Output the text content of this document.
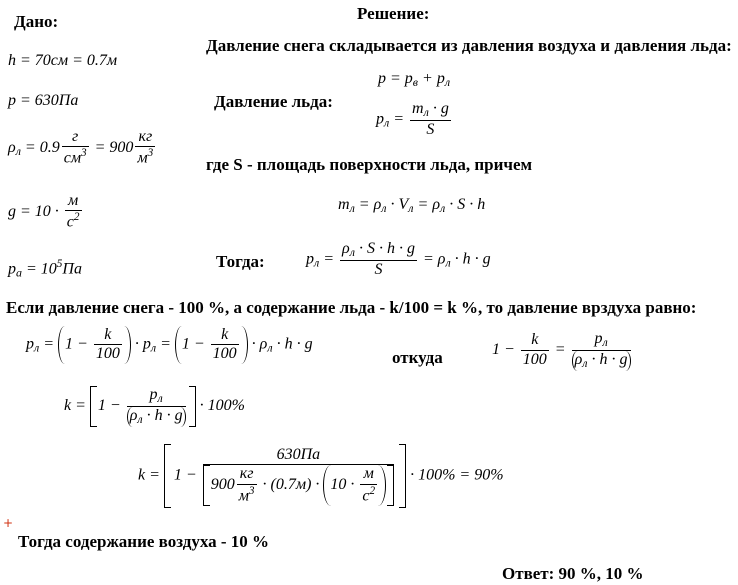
Дано:
h = 70см = 0.7м
p = 630Па
$\rho_л = 0.9 \frac{г}{см^3} = 900 \frac{кг}{м^3}$
$g = 10 \cdot \frac{м}{с^2}$
$p_a = 10^5Па$
Решение:
Давление снега складывается из давления воздуха и давления льда:
$p = p_в + p_л$
Давление льда:
$p_л = \frac{m_л \cdot g}{S}$
где S - площадь поверхности льда, причем
$m_л = \rho_л \cdot V_л = \rho_л \cdot S \cdot h$
Тогда:	$p_л = \frac{\rho_л \cdot S \cdot h \cdot g}{S} = \rho_л \cdot h \cdot g$
Если давление снега - 100 %, а содержание льда - k/100 = k %, то давление врздуха равно:
$p_л = 1 - \frac{k}{100} \cdot p_л = 1 - \frac{k}{100} \cdot \rho_л \cdot h \cdot g$
откуда	$1 - \frac{k}{100} = \frac{p_л}{\rho_л \cdot h \cdot g}$
$k = 1 - \frac{p_л}{\rho_л \cdot h \cdot g} \cdot 100\%$
$k = 1 - \frac{630Па}{900 \frac{кг}{м^3} \cdot (0.7м) \cdot 10 \cdot \frac{м}{с^2}} \cdot 100\% = 90\%$
+
Тогда содержание воздуха - 10 %
Ответ: 90 %, 10 %
